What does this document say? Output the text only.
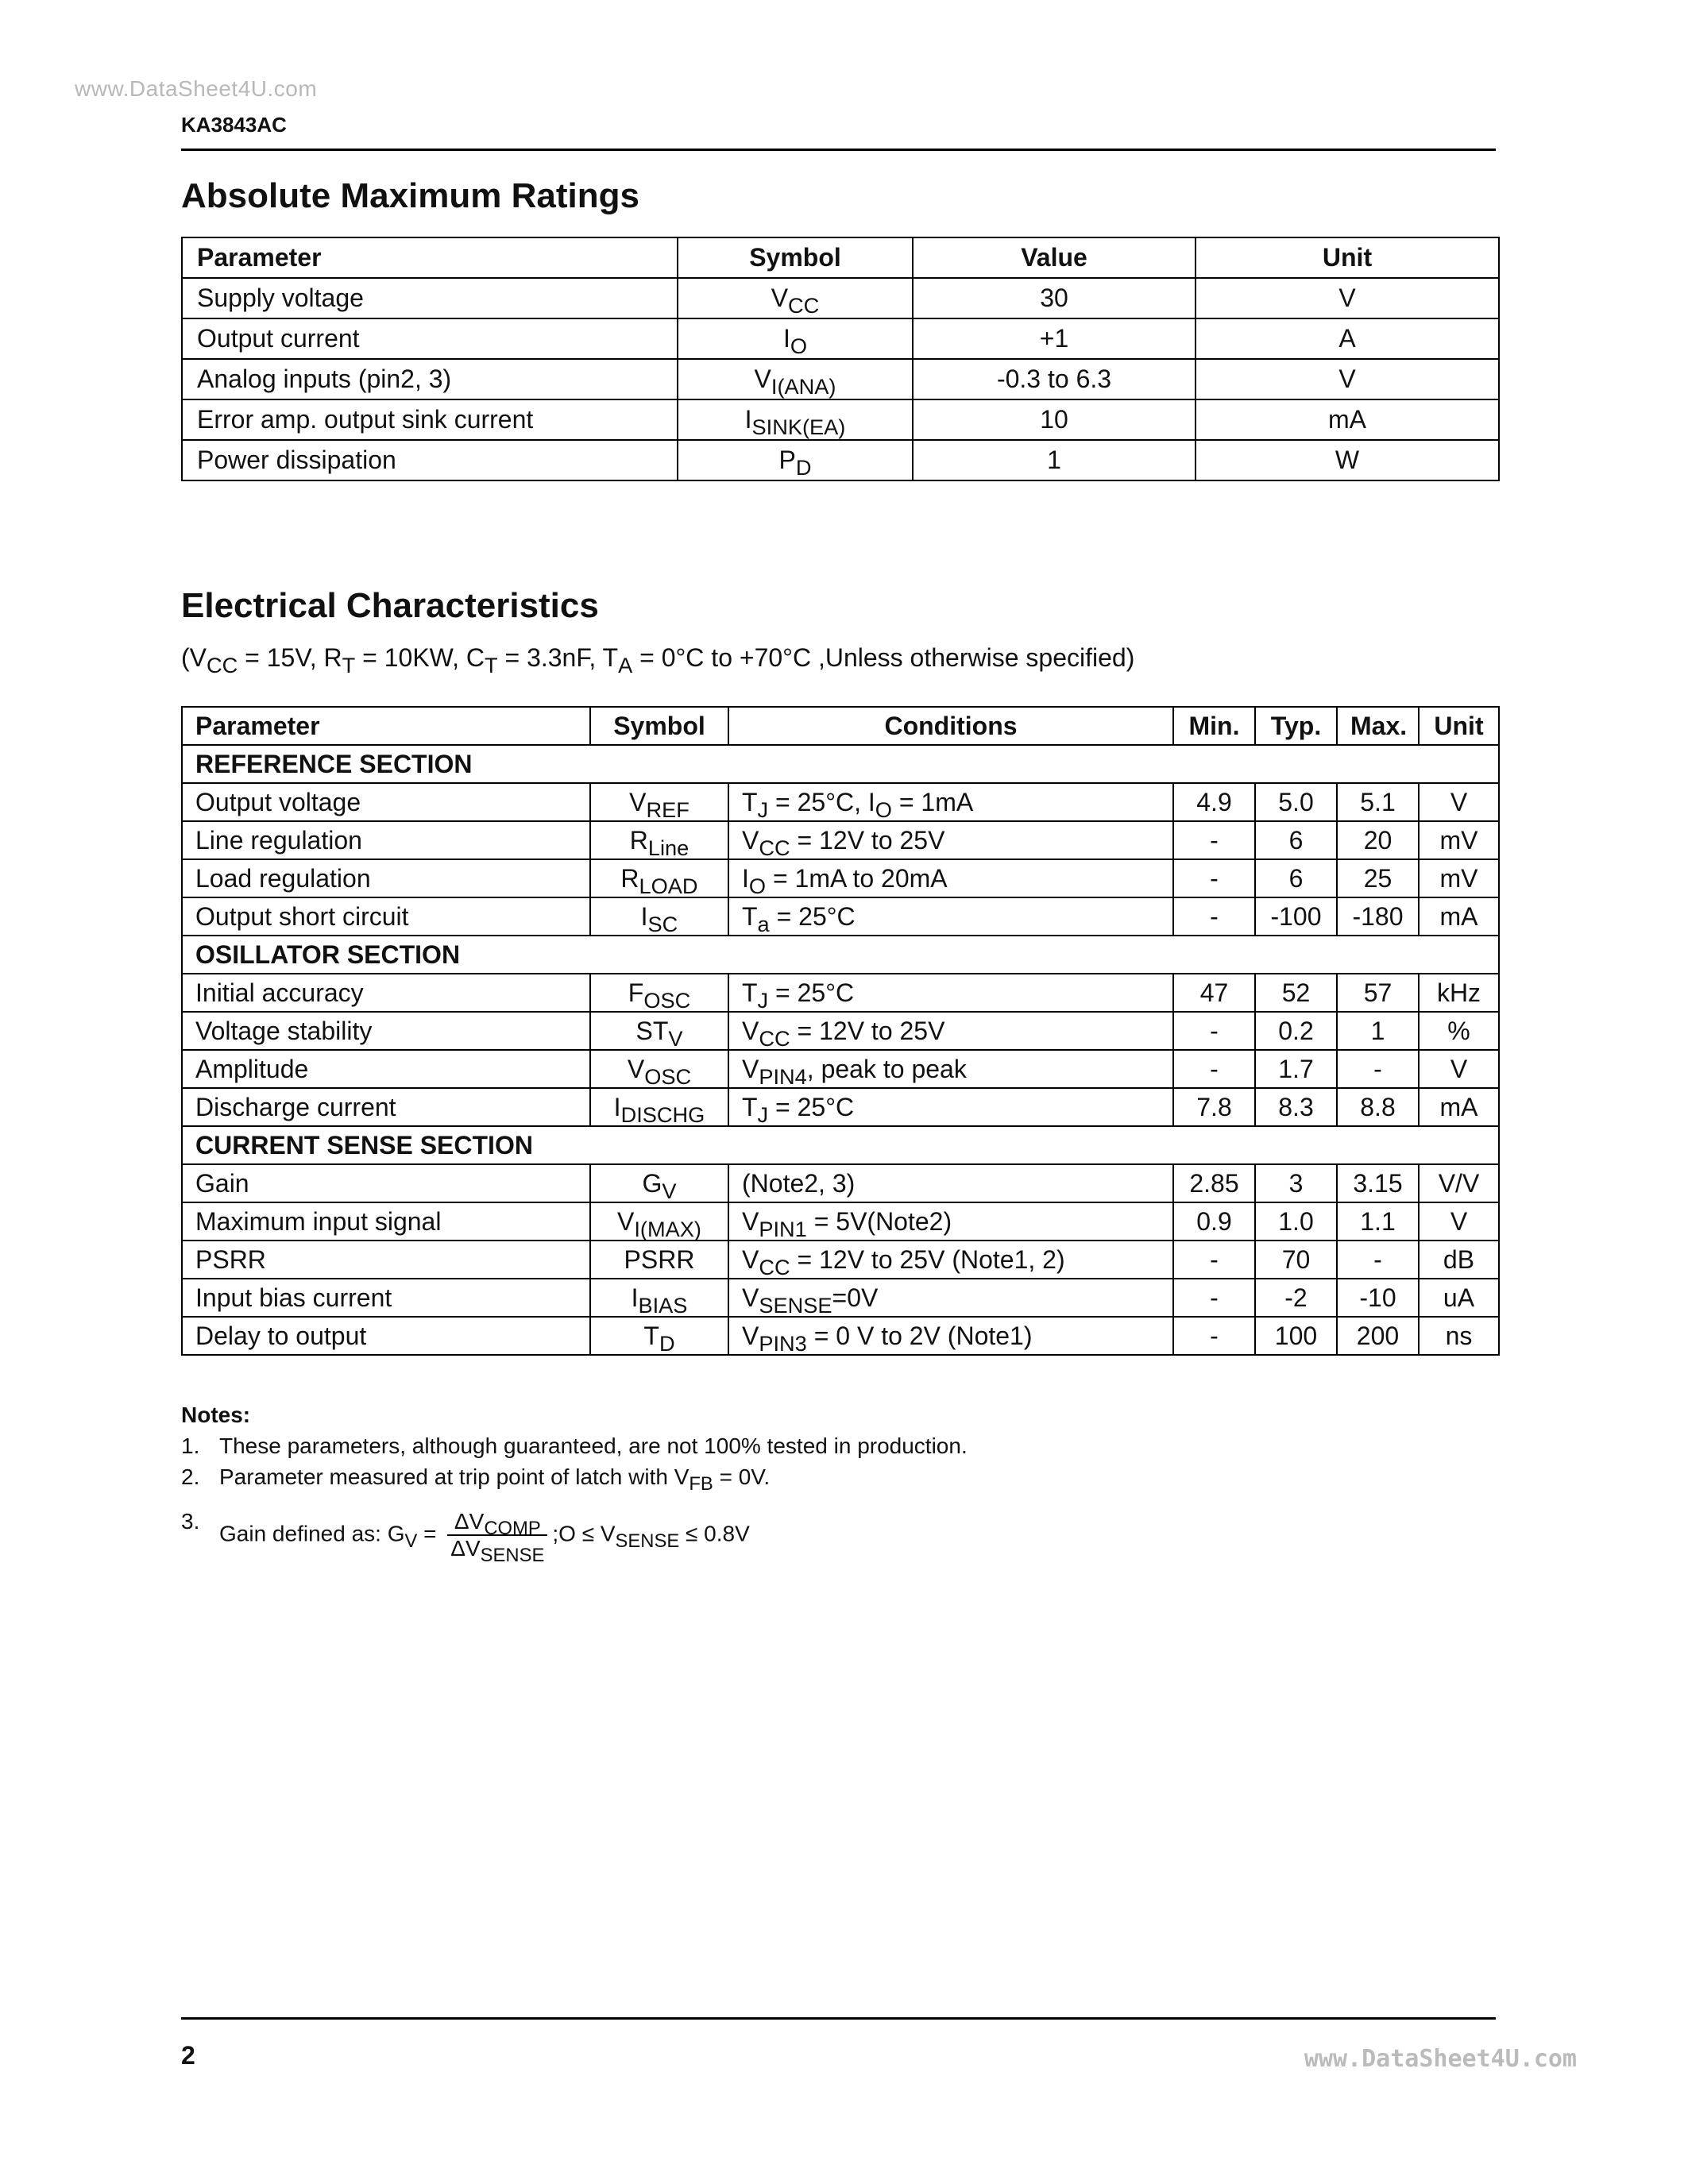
www.DataSheet4U.com
KA3843AC
Absolute Maximum Ratings
Parameter	Symbol	Value	Unit
Supply voltage	$V_{CC}$	30	V
Output current	$I_O$	+1	A
Analog inputs (pin2, 3)	$V_{I(ANA)}$	-0.3 to 6.3	V
Error amp. output sink current	$I_{SINK(EA)}$	10	mA
Power dissipation	$P_D$	1	W
Electrical Characteristics
($V_{CC} = 15V$, $R_T = 10KW$, $C_T = 3.3nF$, $T_A = 0^\circ C$ to +70°C ,Unless otherwise specified)
Parameter	Symbol	Conditions	Min.	Typ.	Max.	Unit
REFERENCE SECTION						
Output voltage	$V_{REF}$	$T_J = 25^\circ C$, $I_O = 1mA$	4.9	5.0	5.1	V
Line regulation	$R_{Line}$	$V_{CC} = 12V$ to 25V	-	6	20	mV
Load regulation	$R_{LOAD}$	$I_O = 1mA$ to 20mA	-	6	25	mV
Output short circuit	$I_{SC}$	$T_a = 25^\circ C$	-	-100	-180	mA
OSILLATOR SECTION						
Initial accuracy	$F_{OSC}$	$T_J = 25^\circ C$	47	52	57	kHz
Voltage stability	$ST_V$	$V_{CC} = 12V$ to 25V	-	0.2	1	%
Amplitude	$V_{OSC}$	$V_{PIN4}$, peak to peak	-	1.7	-	V
Discharge current	$I_{DISCHG}$	$T_J = 25^\circ C$	7.8	8.3	8.8	mA
CURRENT SENSE SECTION						
Gain	$G_V$	(Note2, 3)	2.85	3	3.15	V/V
Maximum input signal	$V_{I(MAX)}$	$V_{PIN1}$ = 5V(Note2)	0.9	1.0	1.1	V
PSRR	PSRR	$V_{CC} = 12V$ to 25V (Note1, 2)	-	70	-	dB
Input bias current	$I_{BIAS}$	$V_{SENSE}=0V$	-	-2	-10	uA
Delay to output	$T_D$	$V_{PIN3} = 0$ V to 2V (Note1)	-	100	200	ns
Notes:
1. These parameters, although guaranteed, are not 100% tested in production.
2. Parameter measured at trip point of latch with $V_{FB} = 0V$.
3. Gain defined as: $G_V = \frac{\Delta V_{COMP}}{\Delta V_{SENSE}}$ ;O ≤ $V_{SENSE} \le 0.8V$
2	www.DataSheet4U.com
